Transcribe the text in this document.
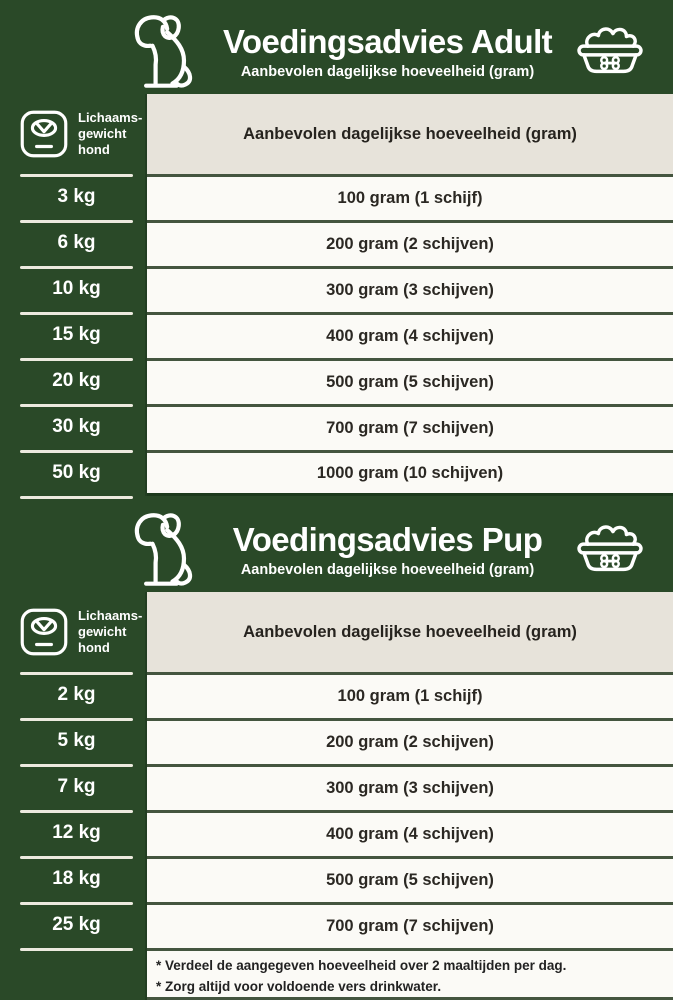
Voedingsadvies Adult
Aanbevolen dagelijkse hoeveelheid (gram)
Lichaams-
gewicht
hond
3 kg
6 kg
10 kg
15 kg
20 kg
30 kg
50 kg
Aanbevolen dagelijkse hoeveelheid (gram)
100 gram (1 schijf)
200 gram (2 schijven)
300 gram (3 schijven)
400 gram (4 schijven)
500 gram (5 schijven)
700 gram (7 schijven)
1000 gram (10 schijven)
Voedingsadvies Pup
Aanbevolen dagelijkse hoeveelheid (gram)
Lichaams-
gewicht
hond
2 kg
5 kg
7 kg
12 kg
18 kg
25 kg
Aanbevolen dagelijkse hoeveelheid (gram)
100 gram (1 schijf)
200 gram (2 schijven)
300 gram (3 schijven)
400 gram (4 schijven)
500 gram (5 schijven)
700 gram (7 schijven)
* Verdeel de aangegeven hoeveelheid over 2 maaltijden per dag.
* Zorg altijd voor voldoende vers drinkwater.
